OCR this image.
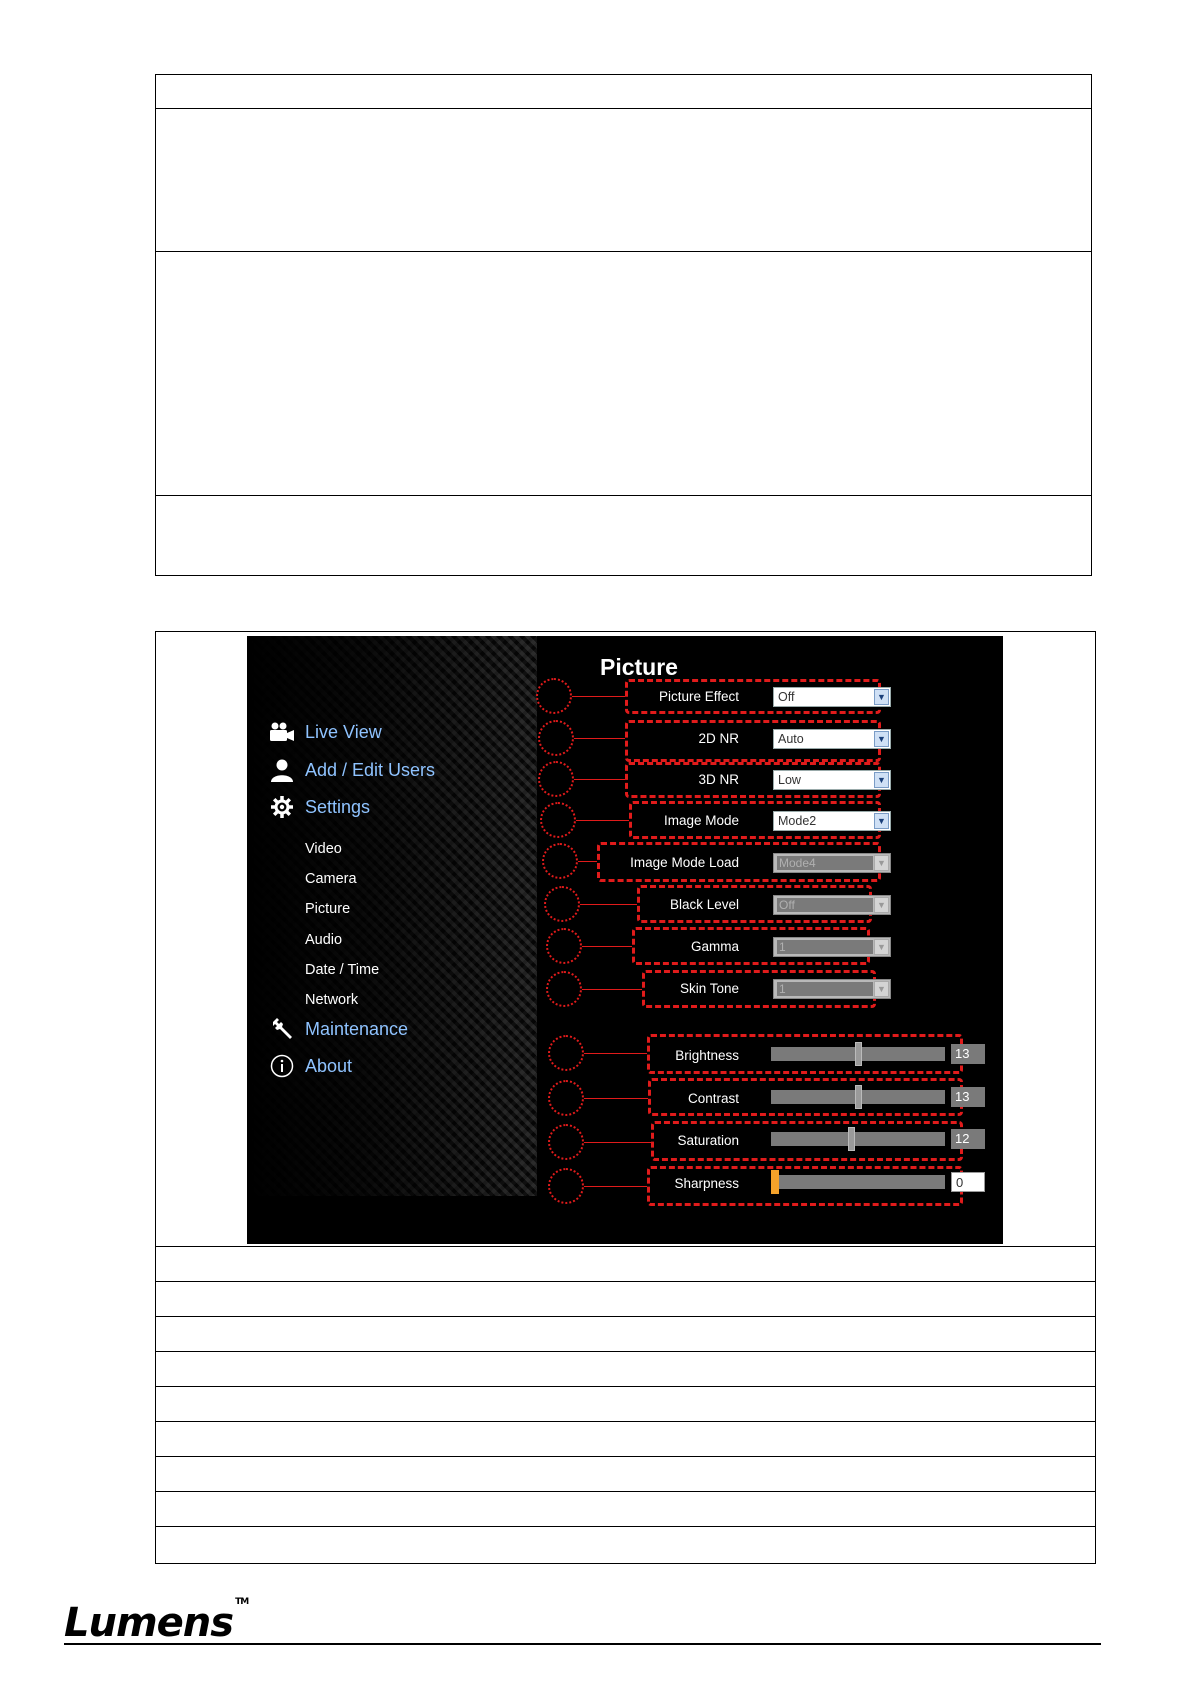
Live View
Add / Edit Users
Settings
Video
Camera
Picture
Audio
Date / Time
Network
Maintenance
About
Picture
Picture Effect	Off	▼
2D NR	Auto	▼
3D NR	Low	▼
Image Mode	Mode2	▼
Image Mode Load	Mode4	▼
Black Level	Off	▼
Gamma	1	▼
Skin Tone	1	▼
Brightness	13
Contrast	13
Saturation	12
Sharpness	0
Lumens ™
